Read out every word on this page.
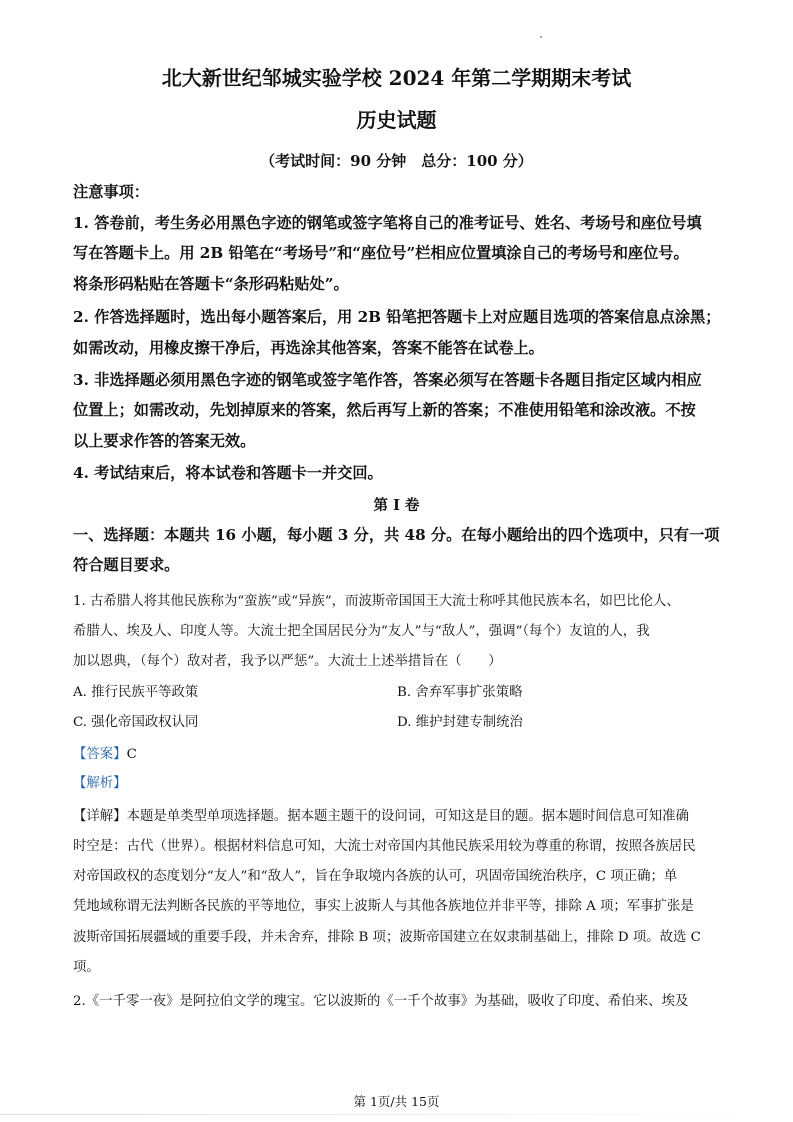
北大新世纪邹城实验学校 2024 年第二学期期末考试
历史试题
（考试时间：90 分钟　总分：100 分）
注意事项：
1. 答卷前，考生务必用黑色字迹的钢笔或签字笔将自己的准考证号、姓名、考场号和座位号填
写在答题卡上。用 2B 铅笔在“考场号”和“座位号”栏相应位置填涂自己的考场号和座位号。
将条形码粘贴在答题卡“条形码粘贴处”。
2. 作答选择题时，选出每小题答案后，用 2B 铅笔把答题卡上对应题目选项的答案信息点涂黑；
如需改动，用橡皮擦干净后，再选涂其他答案，答案不能答在试卷上。
3. 非选择题必须用黑色字迹的钢笔或签字笔作答，答案必须写在答题卡各题目指定区域内相应
位置上；如需改动，先划掉原来的答案，然后再写上新的答案；不准使用铅笔和涂改液。不按
以上要求作答的答案无效。
4. 考试结束后，将本试卷和答题卡一并交回。
第 I 卷
一、选择题：本题共 16 小题，每小题 3 分，共 48 分。在每小题给出的四个选项中，只有一项
符合题目要求。
1. 古希腊人将其他民族称为“蛮族”或“异族”，而波斯帝国国王大流士称呼其他民族本名，如巴比伦人、
希腊人、埃及人、印度人等。大流士把全国居民分为“友人”与“敌人”，强调“（每个）友谊的人，我
加以恩典，（每个）敌对者，我予以严惩”。大流士上述举措旨在（　　）
A. 推行民族平等政策	B. 舍弃军事扩张策略
C. 强化帝国政权认同	D. 维护封建专制统治
【答案】C
【解析】
【详解】本题是单类型单项选择题。据本题主题干的设问词，可知这是目的题。据本题时间信息可知准确
时空是：古代（世界）。根据材料信息可知，大流士对帝国内其他民族采用较为尊重的称谓，按照各族居民
对帝国政权的态度划分“友人”和“敌人”，旨在争取境内各族的认可，巩固帝国统治秩序，C 项正确；单
凭地域称谓无法判断各民族的平等地位，事实上波斯人与其他各族地位并非平等，排除 A 项；军事扩张是
波斯帝国拓展疆域的重要手段，并未舍弃，排除 B 项；波斯帝国建立在奴隶制基础上，排除 D 项。故选 C
项。
2.《一千零一夜》是阿拉伯文学的瑰宝。它以波斯的《一千个故事》为基础，吸收了印度、希伯来、埃及
第 1页/共 15页
